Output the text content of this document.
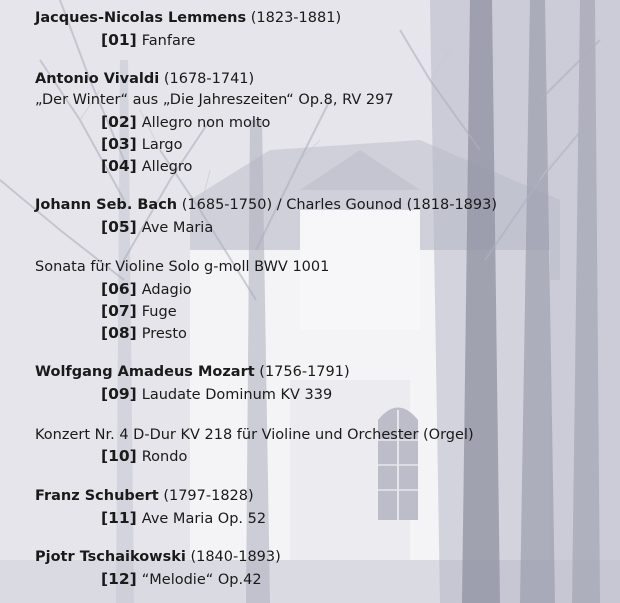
Jacques-Nicolas Lemmens (1823-1881)
[01] Fanfare
Antonio Vivaldi (1678-1741)
„Der Winter“ aus „Die Jahreszeiten“ Op.8, RV 297
[02] Allegro non molto
[03] Largo
[04] Allegro
Johann Seb. Bach (1685-1750) / Charles Gounod (1818-1893)
[05] Ave Maria
Sonata für Violine Solo g-moll BWV 1001
[06] Adagio
[07] Fuge
[08] Presto
Wolfgang Amadeus Mozart (1756-1791)
[09] Laudate Dominum KV 339
Konzert Nr. 4 D-Dur KV 218 für Violine und Orchester (Orgel)
[10] Rondo
Franz Schubert (1797-1828)
[11] Ave Maria Op. 52
Pjotr Tschaikowski (1840-1893)
[12] “Melodie“ Op.42
